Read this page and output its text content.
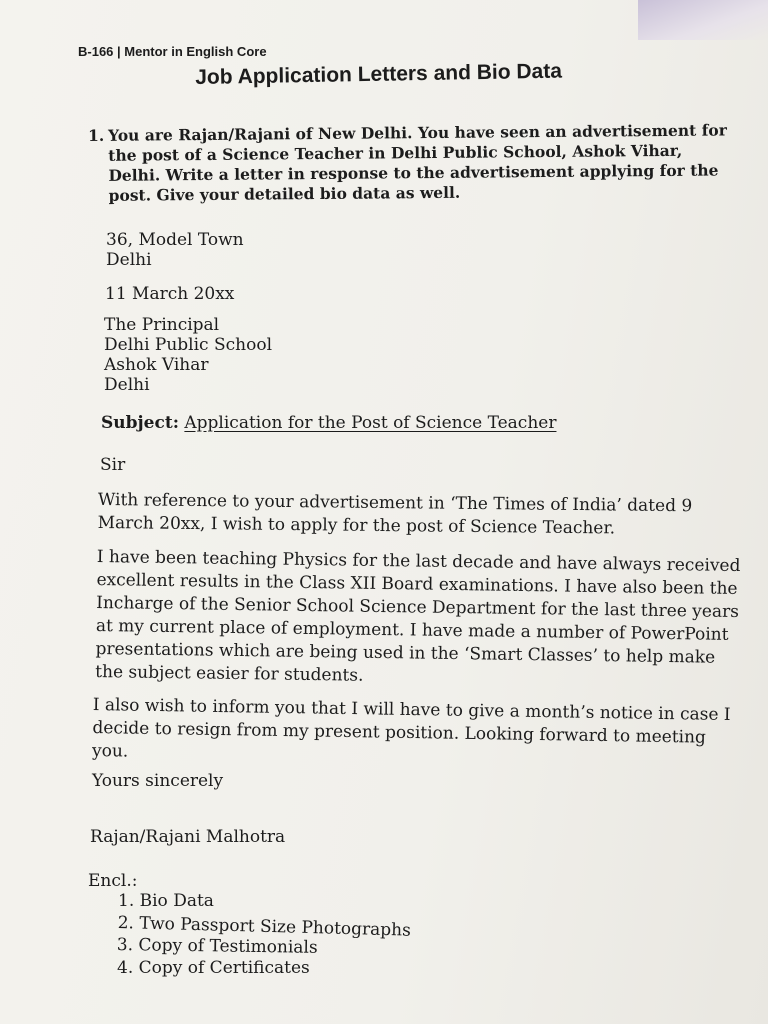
B-166 | Mentor in English Core
Job Application Letters and Bio Data
1. You are Rajan/Rajani of New Delhi. You have seen an advertisement for the post of a Science Teacher in Delhi Public School, Ashok Vihar, Delhi. Write a letter in response to the advertisement applying for the post. Give your detailed bio data as well.
36, Model Town
Delhi
11 March 20xx
The Principal
Delhi Public School
Ashok Vihar
Delhi
Subject: Application for the Post of Science Teacher
Sir
With reference to your advertisement in ‘The Times of India’ dated 9 March 20xx, I wish to apply for the post of Science Teacher.
I have been teaching Physics for the last decade and have always received excellent results in the Class XII Board examinations. I have also been the Incharge of the Senior School Science Department for the last three years at my current place of employment. I have made a number of PowerPoint presentations which are being used in the ‘Smart Classes’ to help make the subject easier for students.
I also wish to inform you that I will have to give a month’s notice in case I decide to resign from my present position. Looking forward to meeting you.
Yours sincerely
Rajan/Rajani Malhotra
Encl.:
1. Bio Data
2. Two Passport Size Photographs
3. Copy of Testimonials
4. Copy of Certificates
